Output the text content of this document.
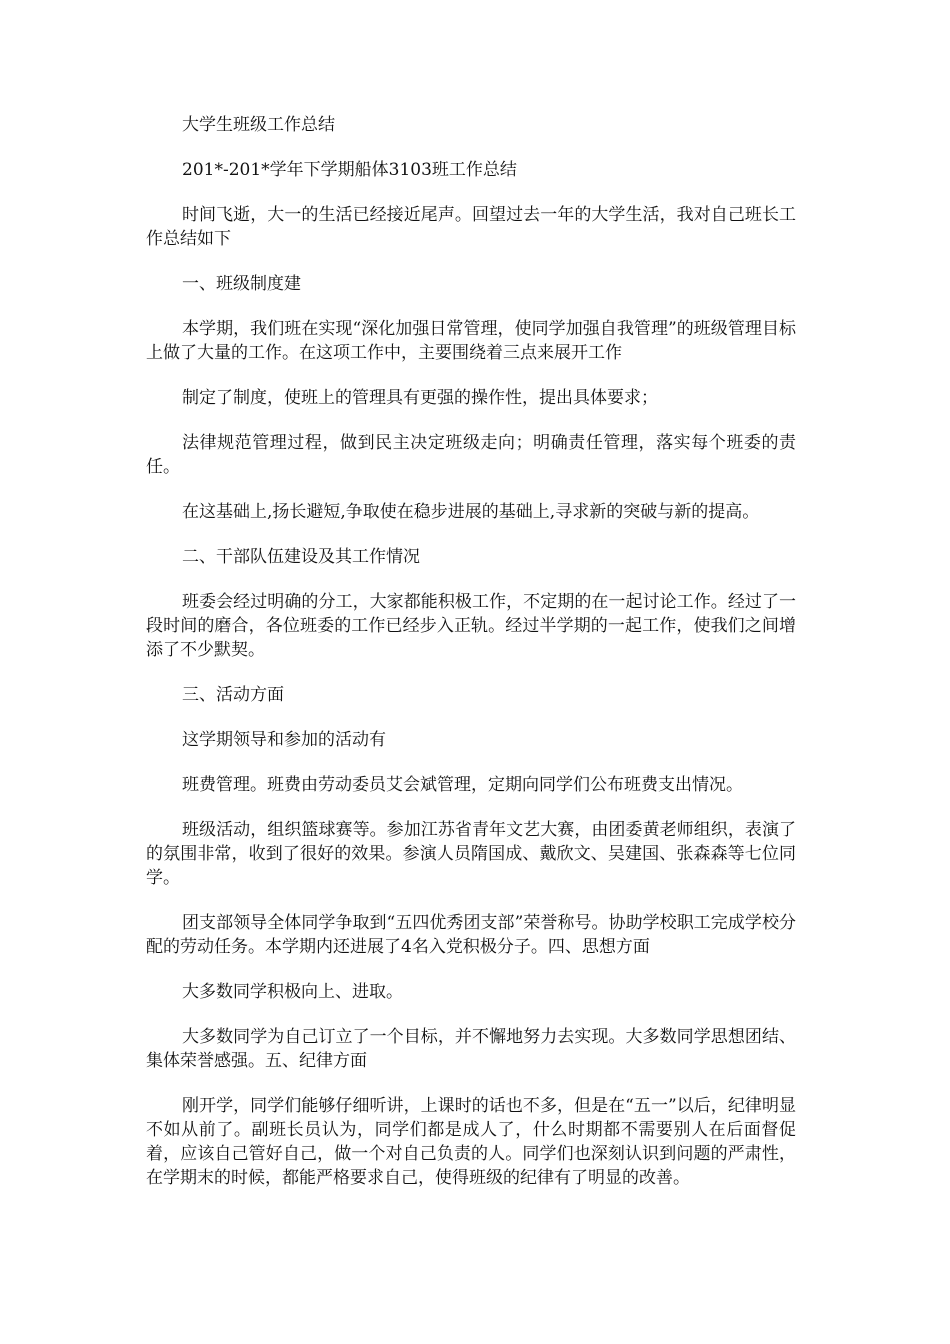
大学生班级工作总结

201*-201*学年下学期船体3103班工作总结

时间飞逝，大一的生活已经接近尾声。回望过去一年的大学生活，我对自己班长工作总结如下

一、班级制度建

本学期，我们班在实现“深化加强日常管理，使同学加强自我管理”的班级管理目标上做了大量的工作。在这项工作中，主要围绕着三点来展开工作

制定了制度，使班上的管理具有更强的操作性，提出具体要求；

法律规范管理过程，做到民主决定班级走向；明确责任管理，落实每个班委的责任。

在这基础上,扬长避短,争取使在稳步进展的基础上,寻求新的突破与新的提高。

二、干部队伍建设及其工作情况

班委会经过明确的分工，大家都能积极工作，不定期的在一起讨论工作。经过了一段时间的磨合，各位班委的工作已经步入正轨。经过半学期的一起工作，使我们之间增添了不少默契。

三、活动方面

这学期领导和参加的活动有

班费管理。班费由劳动委员艾会斌管理，定期向同学们公布班费支出情况。

班级活动，组织篮球赛等。参加江苏省青年文艺大赛，由团委黄老师组织，表演了的氛围非常，收到了很好的效果。参演人员隋国成、戴欣文、吴建国、张森森等七位同学。

团支部领导全体同学争取到“五四优秀团支部”荣誉称号。协助学校职工完成学校分配的劳动任务。本学期内还进展了4名入党积极分子。四、思想方面

大多数同学积极向上、进取。

大多数同学为自己订立了一个目标，并不懈地努力去实现。大多数同学思想团结、集体荣誉感强。五、纪律方面

刚开学，同学们能够仔细听讲，上课时的话也不多，但是在“五一”以后，纪律明显不如从前了。副班长员认为，同学们都是成人了，什么时期都不需要别人在后面督促着，应该自己管好自己，做一个对自己负责的人。同学们也深刻认识到问题的严肃性，在学期末的时候，都能严格要求自己，使得班级的纪律有了明显的改善。
